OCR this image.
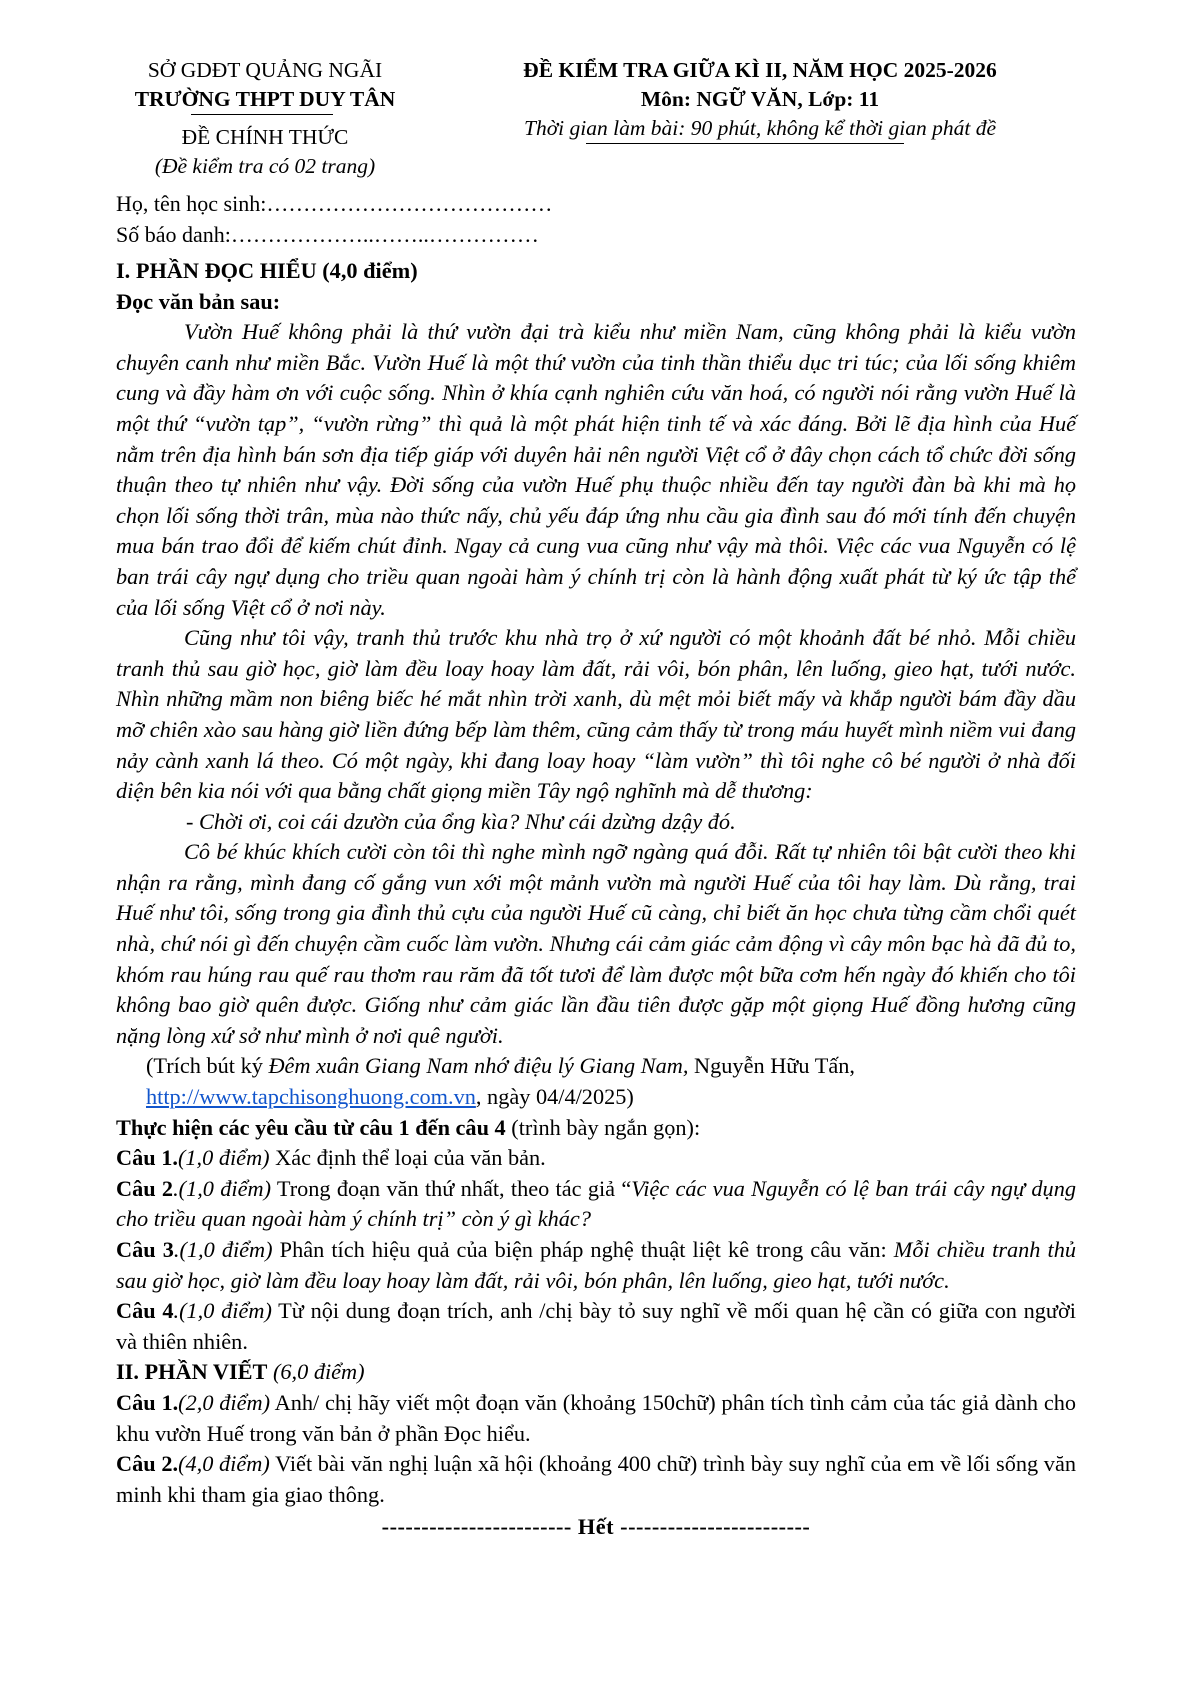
SỞ GDĐT QUẢNG NGÃI
TRƯỜNG THPT DUY TÂN
ĐỀ CHÍNH THỨC
(Đề kiểm tra có 02 trang)
ĐỀ KIỂM TRA GIỮA KÌ II, NĂM HỌC 2025-2026
Môn: NGỮ VĂN, Lớp: 11
Thời gian làm bài: 90 phút, không kể thời gian phát đề
Họ, tên học sinh:…………………………………
Số báo danh:………………..……..……………

I. PHẦN ĐỌC HIỂU (4,0 điểm)

Đọc văn bản sau:

Vườn Huế không phải là thứ vườn đại trà kiểu như miền Nam, cũng không phải là kiểu vườn chuyên canh như miền Bắc. Vườn Huế là một thứ vườn của tinh thần thiểu dục tri túc; của lối sống khiêm cung và đầy hàm ơn với cuộc sống. Nhìn ở khía cạnh nghiên cứu văn hoá, có người nói rằng vườn Huế là một thứ “vườn tạp”, “vườn rừng” thì quả là một phát hiện tinh tế và xác đáng. Bởi lẽ địa hình của Huế nằm trên địa hình bán sơn địa tiếp giáp với duyên hải nên người Việt cổ ở đây chọn cách tổ chức đời sống thuận theo tự nhiên như vậy. Đời sống của vườn Huế phụ thuộc nhiều đến tay người đàn bà khi mà họ chọn lối sống thời trân, mùa nào thức nấy, chủ yếu đáp ứng nhu cầu gia đình sau đó mới tính đến chuyện mua bán trao đổi để kiếm chút đỉnh. Ngay cả cung vua cũng như vậy mà thôi. Việc các vua Nguyễn có lệ ban trái cây ngự dụng cho triều quan ngoài hàm ý chính trị còn là hành động xuất phát từ ký ức tập thể của lối sống Việt cổ ở nơi này.

Cũng như tôi vậy, tranh thủ trước khu nhà trọ ở xứ người có một khoảnh đất bé nhỏ. Mỗi chiều tranh thủ sau giờ học, giờ làm đều loay hoay làm đất, rải vôi, bón phân, lên luống, gieo hạt, tưới nước. Nhìn những mầm non biêng biếc hé mắt nhìn trời xanh, dù mệt mỏi biết mấy và khắp người bám đầy dầu mỡ chiên xào sau hàng giờ liền đứng bếp làm thêm, cũng cảm thấy từ trong máu huyết mình niềm vui đang nảy cành xanh lá theo. Có một ngày, khi đang loay hoay “làm vườn” thì tôi nghe cô bé người ở nhà đối diện bên kia nói với qua bằng chất giọng miền Tây ngộ nghĩnh mà dễ thương:

- Chời ơi, coi cái dzườn của ổng kìa? Như cái dzừng dzậy đó.

Cô bé khúc khích cười còn tôi thì nghe mình ngỡ ngàng quá đỗi. Rất tự nhiên tôi bật cười theo khi nhận ra rằng, mình đang cố gắng vun xới một mảnh vườn mà người Huế của tôi hay làm. Dù rằng, trai Huế như tôi, sống trong gia đình thủ cựu của người Huế cũ càng, chỉ biết ăn học chưa từng cầm chổi quét nhà, chứ nói gì đến chuyện cầm cuốc làm vườn. Nhưng cái cảm giác cảm động vì cây môn bạc hà đã đủ to, khóm rau húng rau quế rau thơm rau răm đã tốt tươi để làm được một bữa cơm hến ngày đó khiến cho tôi không bao giờ quên được. Giống như cảm giác lần đầu tiên được gặp một giọng Huế đồng hương cũng nặng lòng xứ sở như mình ở nơi quê người.

(Trích bút ký Đêm xuân Giang Nam nhớ điệu lý Giang Nam, Nguyễn Hữu Tấn,

http://www.tapchisonghuong.com.vn, ngày 04/4/2025)

Thực hiện các yêu cầu từ câu 1 đến câu 4 (trình bày ngắn gọn):

Câu 1.(1,0 điểm) Xác định thể loại của văn bản.

Câu 2.(1,0 điểm) Trong đoạn văn thứ nhất, theo tác giả “Việc các vua Nguyễn có lệ ban trái cây ngự dụng cho triều quan ngoài hàm ý chính trị” còn ý gì khác?

Câu 3.(1,0 điểm) Phân tích hiệu quả của biện pháp nghệ thuật liệt kê trong câu văn: Mỗi chiều tranh thủ sau giờ học, giờ làm đều loay hoay làm đất, rải vôi, bón phân, lên luống, gieo hạt, tưới nước.

Câu 4.(1,0 điểm) Từ nội dung đoạn trích, anh /chị bày tỏ suy nghĩ về mối quan hệ cần có giữa con người và thiên nhiên.

II. PHẦN VIẾT (6,0 điểm)

Câu 1.(2,0 điểm) Anh/ chị hãy viết một đoạn văn (khoảng 150chữ) phân tích tình cảm của tác giả dành cho khu vườn Huế trong văn bản ở phần Đọc hiểu.

Câu 2.(4,0 điểm) Viết bài văn nghị luận xã hội (khoảng 400 chữ) trình bày suy nghĩ của em về lối sống văn minh khi tham gia giao thông.

------------------------ Hết ------------------------
